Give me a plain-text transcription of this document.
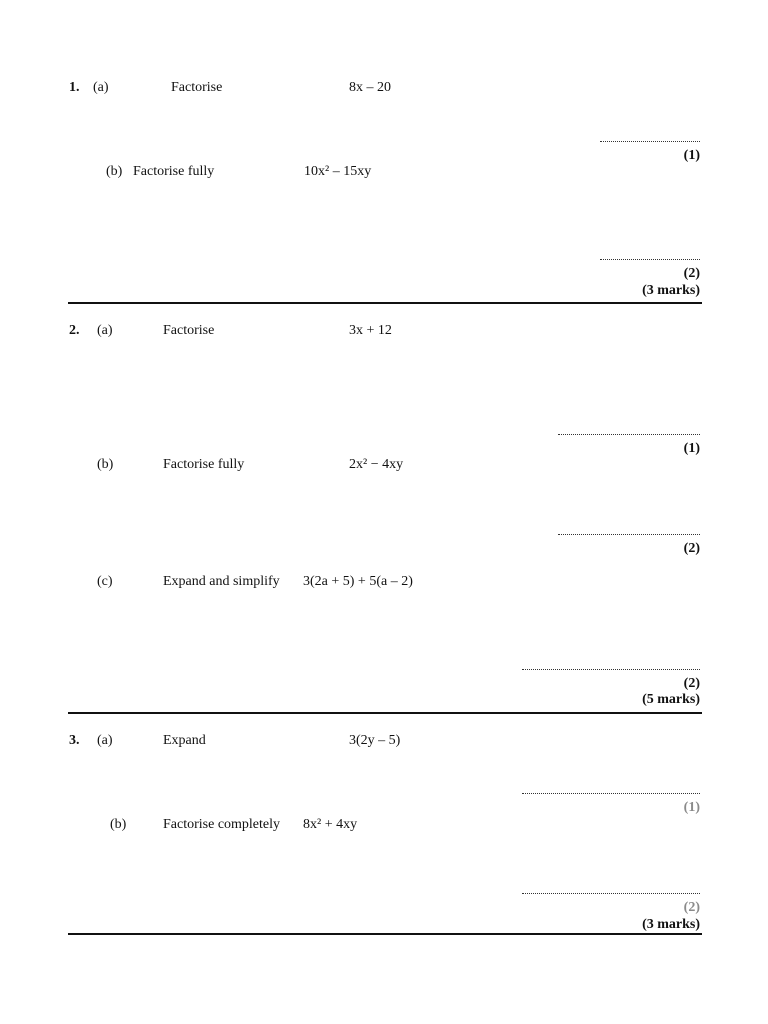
1. (a)	Factorise	8x – 20
(1)
(b) Factorise fully	10x² – 15xy
(2)
(3 marks)
2. (a)	Factorise	3x + 12
(1)
(b)	Factorise fully	2x² − 4xy
(2)
(c)	Expand and simplify 3(2a + 5) + 5(a – 2)
(2)
(5 marks)
3. (a)	Expand	3(2y – 5)
(1)
(b)	Factorise completely 8x² + 4xy
(2)
(3 marks)
